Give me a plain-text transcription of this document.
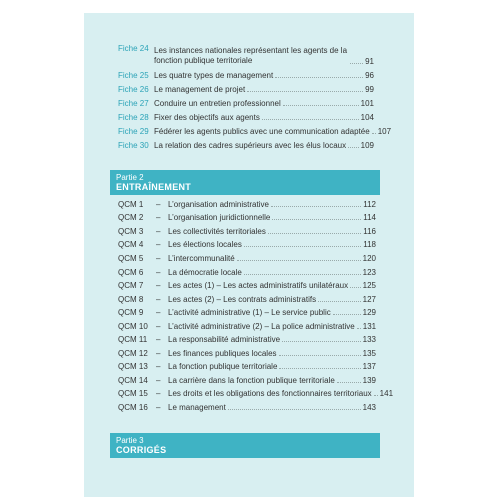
Fiche 24 Les instances nationales représentant les agents de la fonction publique territoriale	91
Fiche 25 Les quatre types de management	96
Fiche 26 Le management de projet	99
Fiche 27 Conduire un entretien professionnel	101
Fiche 28 Fixer des objectifs aux agents	104
Fiche 29 Fédérer les agents publics avec une communication adaptée 107
Fiche 30 La relation des cadres supérieurs avec les élus locaux 109
Partie 2
ENTRAÎNEMENT
QCM 1	– L’organisation administrative	112
QCM 2	– L’organisation juridictionnelle	114
QCM 3	– Les collectivités territoriales	116
QCM 4	– Les élections locales	118
QCM 5	– L’intercommunalité	120
QCM 6	– La démocratie locale	123
QCM 7	– Les actes (1) – Les actes administratifs unilatéraux 125
QCM 8	– Les actes (2) – Les contrats administratifs	127
QCM 9	– L’activité administrative (1) – Le service public	129
QCM 10	– L’activité administrative (2) – La police administrative 131
QCM 11	– La responsabilité administrative	133
QCM 12	– Les finances publiques locales	135
QCM 13	– La fonction publique territoriale	137
QCM 14	– La carrière dans la fonction publique territoriale	139
QCM 15	– Les droits et les obligations des fonctionnaires territoriaux 141
QCM 16	– Le management	143
Partie 3
CORRIGÉS
